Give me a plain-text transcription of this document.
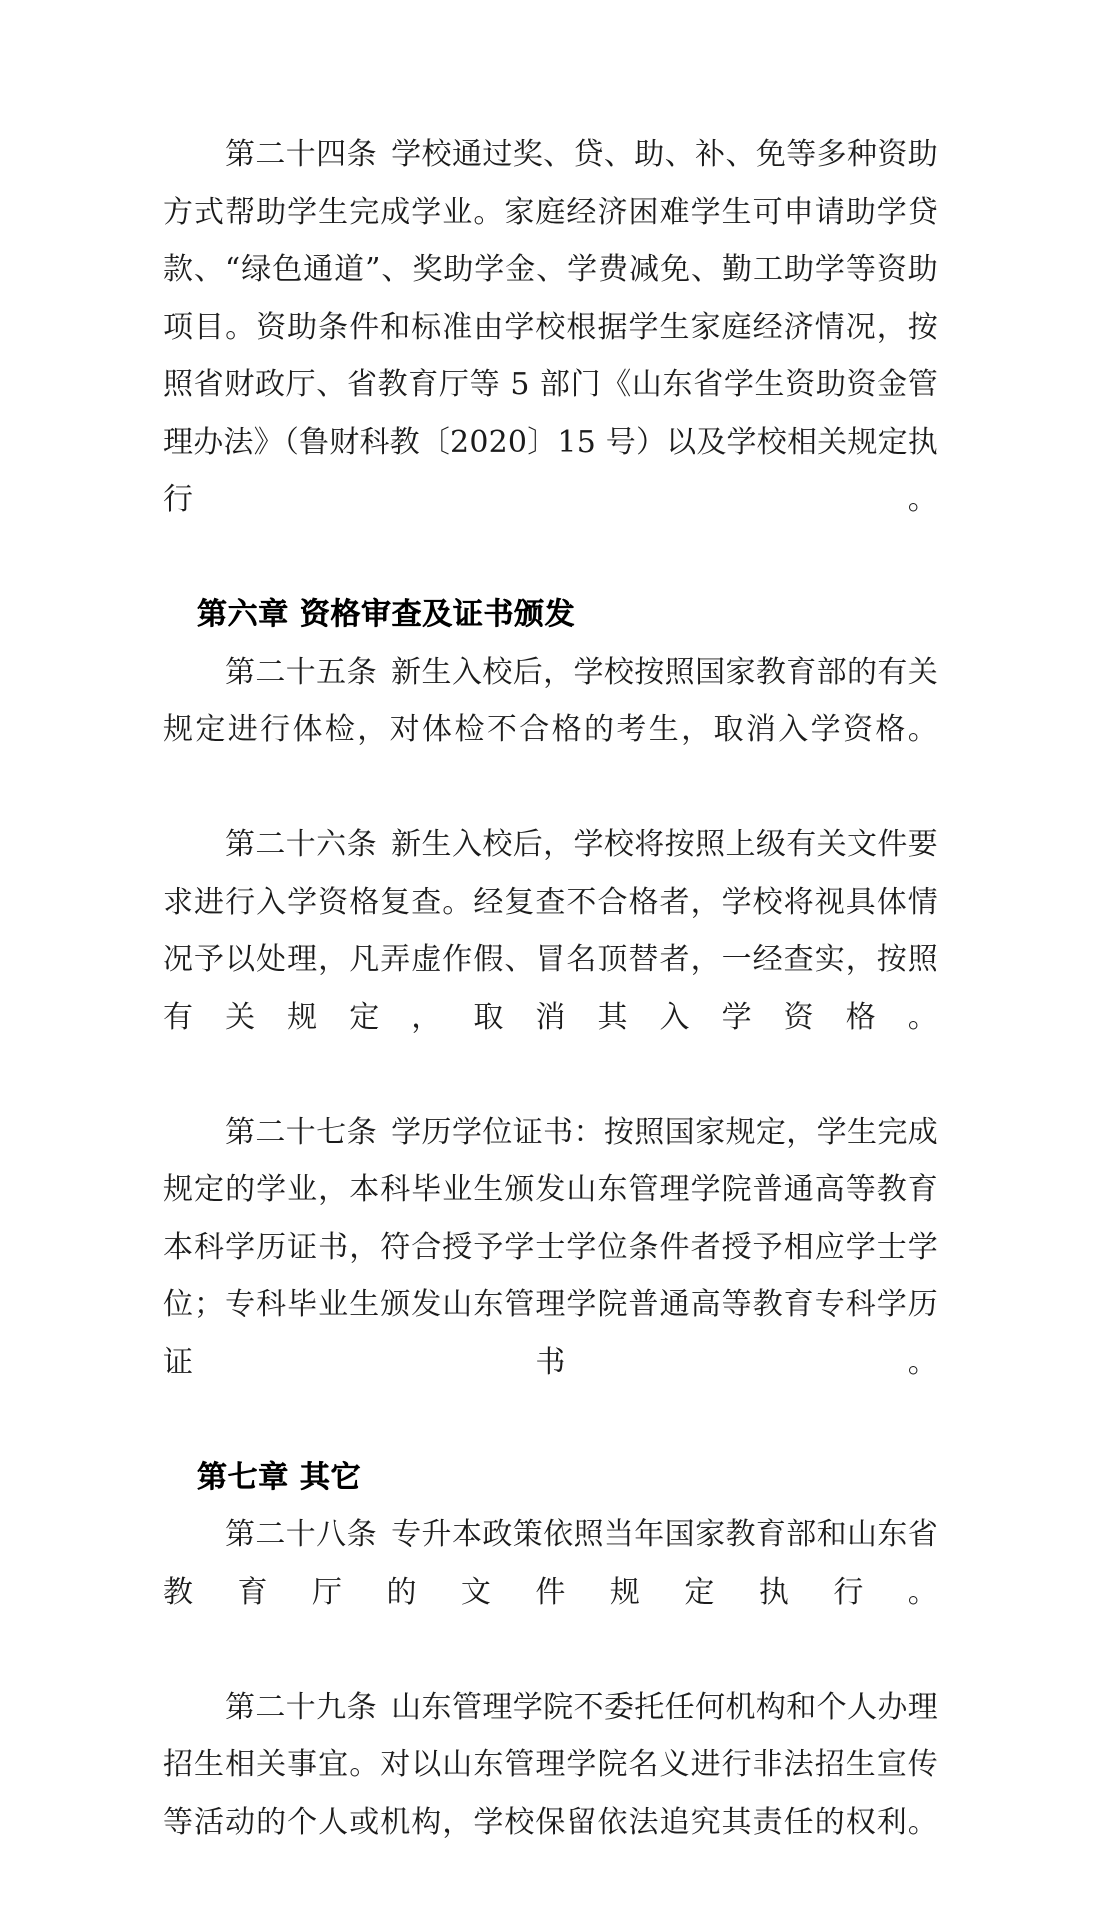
第二十四条 学校通过奖、贷、助、补、免等多种资助方式帮助学生完成学业。家庭经济困难学生可申请助学贷款、“绿色通道”、奖助学金、学费减免、勤工助学等资助项目。资助条件和标准由学校根据学生家庭经济情况，按照省财政厅、省教育厅等 5 部门《山东省学生资助资金管理办法》（鲁财科教〔2020〕15 号）以及学校相关规定执行。

第六章 资格审查及证书颁发

第二十五条 新生入校后，学校按照国家教育部的有关规定进行体检，对体检不合格的考生，取消入学资格。

第二十六条 新生入校后，学校将按照上级有关文件要求进行入学资格复查。经复查不合格者，学校将视具体情况予以处理，凡弄虚作假、冒名顶替者，一经查实，按照有关规定，取消其入学资格。

第二十七条 学历学位证书：按照国家规定，学生完成规定的学业，本科毕业生颁发山东管理学院普通高等教育本科学历证书，符合授予学士学位条件者授予相应学士学位；专科毕业生颁发山东管理学院普通高等教育专科学历证书。

第七章 其它

第二十八条 专升本政策依照当年国家教育部和山东省教育厅的文件规定执行。

第二十九条 山东管理学院不委托任何机构和个人办理招生相关事宜。对以山东管理学院名义进行非法招生宣传等活动的个人或机构，学校保留依法追究其责任的权利。
